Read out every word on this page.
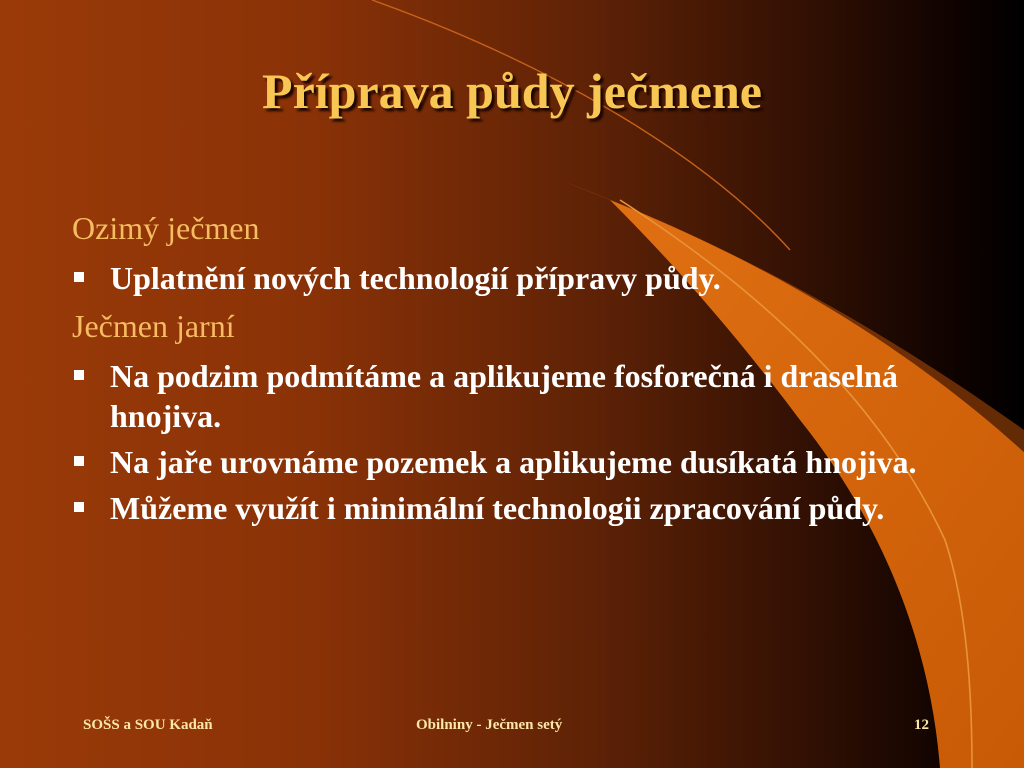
Příprava půdy ječmene
Ozimý ječmen
Uplatnění nových technologií přípravy půdy.
Ječmen jarní
Na podzim podmítáme a aplikujeme fosforečná i draselná hnojiva.
Na jaře urovnáme pozemek a aplikujeme dusíkatá hnojiva.
Můžeme využít i minimální technologii zpracování půdy.
SOŠS a SOU Kadaň	Obilniny - Ječmen setý	12
